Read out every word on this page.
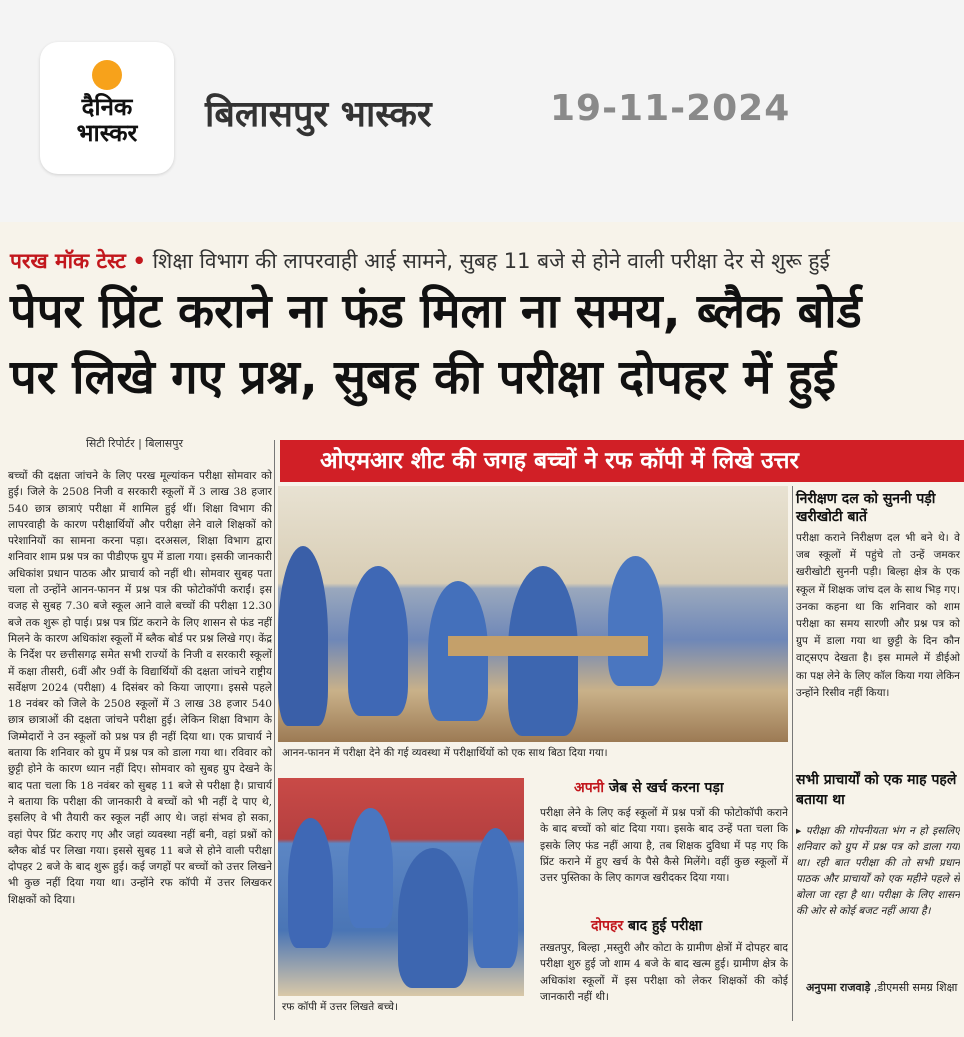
दैनिक
भास्कर	बिलासपुर भास्कर	19-11-2024
परख मॉक टेस्ट • शिक्षा विभाग की लापरवाही आई सामने, सुबह 11 बजे से होने वाली परीक्षा देर से शुरू हुई
पेपर प्रिंट कराने ना फंड मिला ना समय, ब्लैक बोर्ड
पर लिखे गए प्रश्न, सुबह की परीक्षा दोपहर में हुई
सिटी रिपोर्टर | बिलासपुर

बच्चों की दक्षता जांचने के लिए परख मूल्यांकन परीक्षा सोमवार को हुई। जिले के 2508 निजी व सरकारी स्कूलों में 3 लाख 38 हजार 540 छात्र छात्राएं परीक्षा में शामिल हुई थीं। शिक्षा विभाग की लापरवाही के कारण परीक्षार्थियों और परीक्षा लेने वाले शिक्षकों को परेशानियों का सामना करना पड़ा। दरअसल, शिक्षा विभाग द्वारा शनिवार शाम प्रश्न पत्र का पीडीएफ ग्रुप में डाला गया। इसकी जानकारी अधिकांश प्रधान पाठक और प्राचार्य को नहीं थी। सोमवार सुबह पता चला तो उन्होंने आनन-फानन में प्रश्न पत्र की फोटोकॉपी कराईं। इस वजह से सुबह 7.30 बजे स्कूल आने वाले बच्चों की परीक्षा 12.30 बजे तक शुरू हो पाई। प्रश्न पत्र प्रिंट कराने के लिए शासन से फंड नहीं मिलने के कारण अधिकांश स्कूलों में ब्लैक बोर्ड पर प्रश्न लिखे गए। केंद्र के निर्देश पर छत्तीसगढ़ समेत सभी राज्यों के निजी व सरकारी स्कूलों में कक्षा तीसरी, 6वीं और 9वीं के विद्यार्थियों की दक्षता जांचने राष्ट्रीय सर्वेक्षण 2024 (परीक्षा) 4 दिसंबर को किया जाएगा। इससे पहले 18 नवंबर को जिले के 2508 स्कूलों में 3 लाख 38 हजार 540 छात्र छात्राओं की दक्षता जांचने परीक्षा हुई। लेकिन शिक्षा विभाग के जिम्मेदारों ने उन स्कूलों को प्रश्न पत्र ही नहीं दिया था। एक प्राचार्य ने बताया कि शनिवार को ग्रुप में प्रश्न पत्र को डाला गया था। रविवार को छुट्टी होने के कारण ध्यान नहीं दिए। सोमवार को सुबह ग्रुप देखने के बाद पता चला कि 18 नवंबर को सुबह 11 बजे से परीक्षा है। प्राचार्य ने बताया कि परीक्षा की जानकारी वे बच्चों को भी नहीं दे पाए थे, इसलिए वे भी तैयारी कर स्कूल नहीं आए थे। जहां संभव हो सका, वहां पेपर प्रिंट कराए गए और जहां व्यवस्था नहीं बनी, वहां प्रश्नों को ब्लैक बोर्ड पर लिखा गया। इससे सुबह 11 बजे से होने वाली परीक्षा दोपहर 2 बजे के बाद शुरू हुई। कई जगहों पर बच्चों को उत्तर लिखने भी कुछ नहीं दिया गया था। उन्होंने रफ कॉपी में उत्तर लिखकर शिक्षकों को दिया।

ओएमआर शीट की जगह बच्चों ने रफ कॉपी में लिखे उत्तर
आनन-फानन में परीक्षा देने की गई व्यवस्था में परीक्षार्थियों को एक साथ बिठा दिया गया।
रफ कॉपी में उत्तर लिखते बच्चे।
अपनी जेब से खर्च करना पड़ा
परीक्षा लेने के लिए कई स्कूलों में प्रश्न पत्रों की फोटोकॉपी कराने के बाद बच्चों को बांट दिया गया। इसके बाद उन्हें पता चला कि इसके लिए फंड नहीं आया है, तब शिक्षक दुविधा में पड़ गए कि प्रिंट कराने में हुए खर्च के पैसे कैसे मिलेंगे। वहीं कुछ स्कूलों में उत्तर पुस्तिका के लिए कागज खरीदकर दिया गया।
दोपहर बाद हुई परीक्षा
तखतपुर, बिल्हा ,मस्तुरी और कोटा के ग्रामीण क्षेत्रों में दोपहर बाद परीक्षा शुरु हुई जो शाम 4 बजे के बाद खत्म हुई। ग्रामीण क्षेत्र के अधिकांश स्कूलों में इस परीक्षा को लेकर शिक्षकों की कोई जानकारी नहीं थी।
निरीक्षण दल को सुननी पड़ी खरीखोटी बातें
परीक्षा कराने निरीक्षण दल भी बने थे। वे जब स्कूलों में पहुंचे तो उन्हें जमकर खरीखोटी सुननी पड़ी। बिल्हा क्षेत्र के एक स्कूल में शिक्षक जांच दल के साथ भिड़ गए। उनका कहना था कि शनिवार को शाम परीक्षा का समय सारणी और प्रश्न पत्र को ग्रुप में डाला गया था छुट्टी के दिन कौन वाट्सएप देखता है। इस मामले में डीईओ का पक्ष लेने के लिए कॉल किया गया लेकिन उन्होंने रिसीव नहीं किया।
सभी प्राचार्यों को एक माह पहले बताया था
▸ परीक्षा की गोपनीयता भंग न हो इसलिए शनिवार को ग्रुप में प्रश्न पत्र को डाला गया था। रही बात परीक्षा की तो सभी प्रधान पाठक और प्राचार्यों को एक महीने पहले से बोला जा रहा है था। परीक्षा के लिए शासन की ओर से कोई बजट नहीं आया है।
अनुपमा राजवाड़े ,डीएमसी समग्र शिक्षा
